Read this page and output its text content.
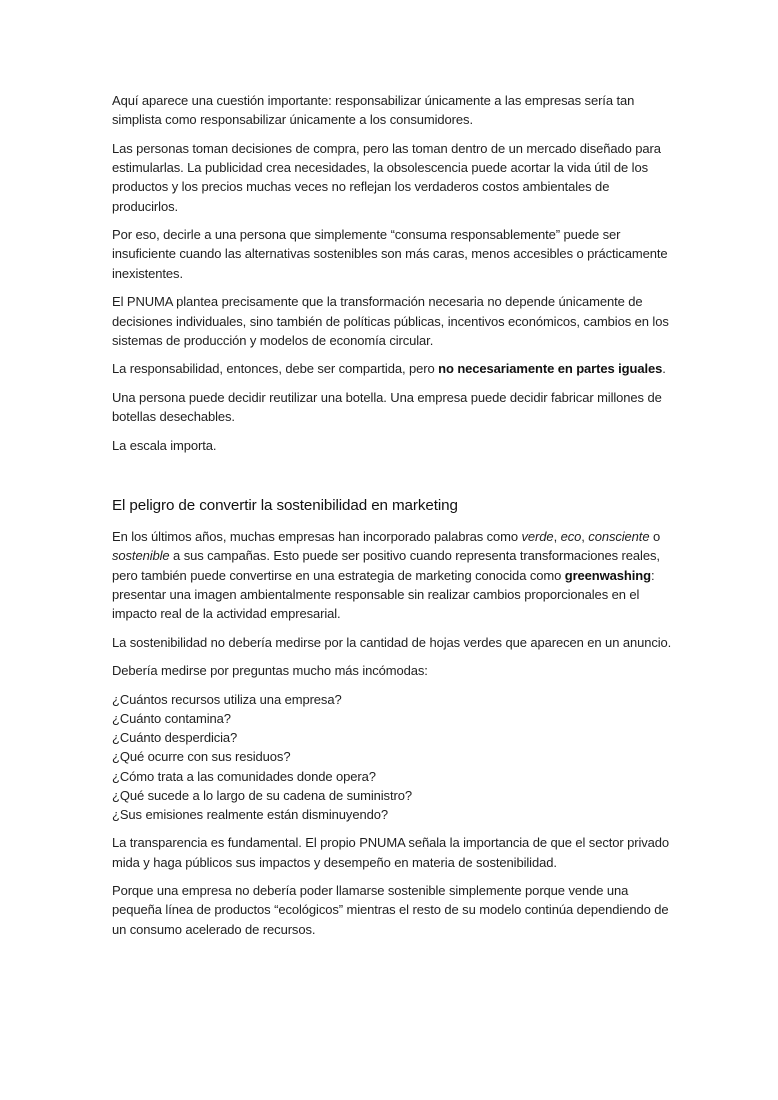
Aquí aparece una cuestión importante: responsabilizar únicamente a las empresas sería tan simplista como responsabilizar únicamente a los consumidores.

Las personas toman decisiones de compra, pero las toman dentro de un mercado diseñado para estimularlas. La publicidad crea necesidades, la obsolescencia puede acortar la vida útil de los productos y los precios muchas veces no reflejan los verdaderos costos ambientales de producirlos.

Por eso, decirle a una persona que simplemente “consuma responsablemente” puede ser insuficiente cuando las alternativas sostenibles son más caras, menos accesibles o prácticamente inexistentes.

El PNUMA plantea precisamente que la transformación necesaria no depende únicamente de decisiones individuales, sino también de políticas públicas, incentivos económicos, cambios en los sistemas de producción y modelos de economía circular.

La responsabilidad, entonces, debe ser compartida, pero no necesariamente en partes iguales.

Una persona puede decidir reutilizar una botella. Una empresa puede decidir fabricar millones de botellas desechables.

La escala importa.

El peligro de convertir la sostenibilidad en marketing

En los últimos años, muchas empresas han incorporado palabras como verde, eco, consciente o sostenible a sus campañas. Esto puede ser positivo cuando representa transformaciones reales, pero también puede convertirse en una estrategia de marketing conocida como greenwashing: presentar una imagen ambientalmente responsable sin realizar cambios proporcionales en el impacto real de la actividad empresarial.

La sostenibilidad no debería medirse por la cantidad de hojas verdes que aparecen en un anuncio.

Debería medirse por preguntas mucho más incómodas:

¿Cuántos recursos utiliza una empresa?
¿Cuánto contamina?
¿Cuánto desperdicia?
¿Qué ocurre con sus residuos?
¿Cómo trata a las comunidades donde opera?
¿Qué sucede a lo largo de su cadena de suministro?
¿Sus emisiones realmente están disminuyendo?

La transparencia es fundamental. El propio PNUMA señala la importancia de que el sector privado mida y haga públicos sus impactos y desempeño en materia de sostenibilidad.

Porque una empresa no debería poder llamarse sostenible simplemente porque vende una pequeña línea de productos “ecológicos” mientras el resto de su modelo continúa dependiendo de un consumo acelerado de recursos.
